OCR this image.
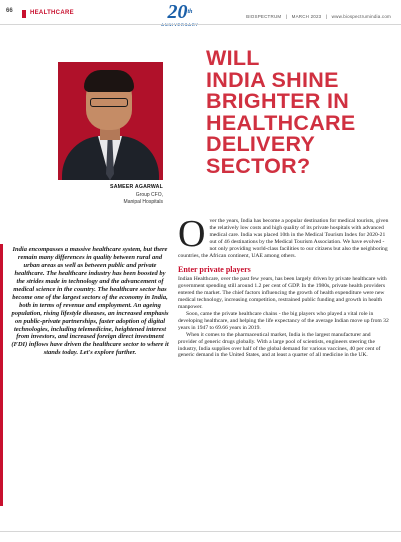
66	HEALTHCARE	20th
BIOSPECTRUM | MARCH 2023 | www.biospectrumindia.com
SAMEER AGARWAL
Group CFO,
Manipal Hospitals
WILL
INDIA SHINE
BRIGHTER IN
HEALTHCARE
DELIVERY
SECTOR?
India encompasses a massive healthcare system, but there remain many differences in quality between rural and urban areas as well as between public and private healthcare. The healthcare industry has been boosted by the strides made in technology and the advancement of medical science in the country. The healthcare sector has become one of the largest sectors of the economy in India, both in terms of revenue and employment. An ageing population, rising lifestyle diseases, an increased emphasis on public-private partnerships, faster adoption of digital technologies, including telemedicine, heightened interest from investors, and increased foreign direct investment (FDI) inflows have driven the healthcare sector to where it stands today. Let's explore further.

Over the years, India has become a popular destination for medical tourists, given the relatively low costs and high quality of its private hospitals with advanced medical care. India was placed 10th in the Medical Tourism Index for 2020-21 out of 46 destinations by the Medical Tourism Association. We have evolved - not only providing world-class facilities to our citizens but also the neighboring countries, the African continent, UAE among others.

Enter private players

Indian Healthcare, over the past few years, has been largely driven by private healthcare with government spending still around 1.2 per cent of GDP. In the 1980s, private health providers entered the market. The chief factors influencing the growth of health expenditure were new medical technology, increasing competition, restrained public funding and growth in health manpower.

Soon, came the private healthcare chains - the big players who played a vital role in developing healthcare, and helping the life expectancy of the average Indian move up from 32 years in 1947 to 69.66 years in 2019.

When it comes to the pharmaceutical market, India is the largest manufacturer and provider of generic drugs globally. With a large pool of scientists, engineers steering the industry, India supplies over half of the global demand for various vaccines, 40 per cent of generic demand in the United States, and at least a quarter of all medicine in the UK.
